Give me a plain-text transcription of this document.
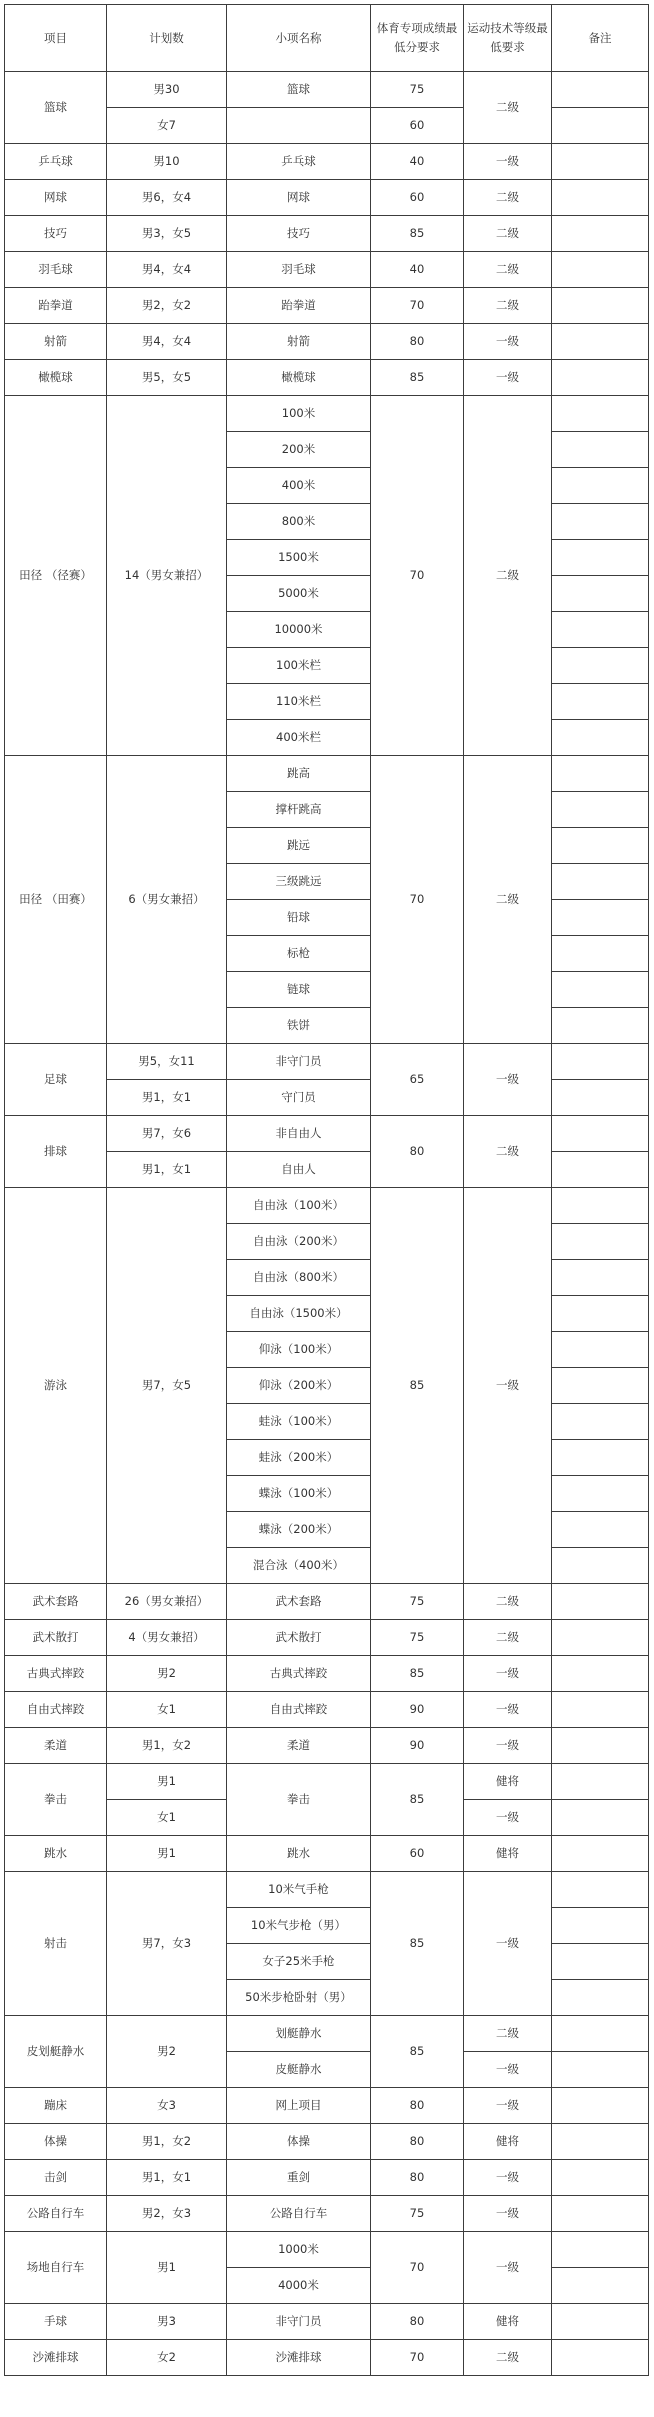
项目	计划数	小项名称	体育专项成绩最低分要求	运动技术等级最低要求	备注
篮球	男30	篮球	75	二级	
	女7		60		
乒乓球	男10	乒乓球	40	一级	
网球	男6，女4	网球	60	二级	
技巧	男3，女5	技巧	85	二级	
羽毛球	男4，女4	羽毛球	40	二级	
跆拳道	男2，女2	跆拳道	70	二级	
射箭	男4，女4	射箭	80	一级	
橄榄球	男5，女5	橄榄球	85	一级	
田径 （径赛）	14（男女兼招）	100米	70	二级	
		200米			
		400米			
		800米			
		1500米			
		5000米			
		10000米			
		100米栏			
		110米栏			
		400米栏			
田径 （田赛）	6（男女兼招）	跳高	70	二级	
		撑杆跳高			
		跳远			
		三级跳远			
		铅球			
		标枪			
		链球			
		铁饼			
足球	男5，女11	非守门员	65	一级	
	男1，女1	守门员			
排球	男7，女6	非自由人	80	二级	
	男1，女1	自由人			
游泳	男7，女5	自由泳（100米）	85	一级	
		自由泳（200米）			
		自由泳（800米）			
		自由泳（1500米）			
		仰泳（100米）			
		仰泳（200米）			
		蛙泳（100米）			
		蛙泳（200米）			
		蝶泳（100米）			
		蝶泳（200米）			
		混合泳（400米）			
武术套路	26（男女兼招）	武术套路	75	二级	
武术散打	4（男女兼招）	武术散打	75	二级	
古典式摔跤	男2	古典式摔跤	85	一级	
自由式摔跤	女1	自由式摔跤	90	一级	
柔道	男1，女2	柔道	90	一级	
拳击	男1	拳击	85	健将	
	女1			一级	
跳水	男1	跳水	60	健将	
射击	男7，女3	10米气手枪	85	一级	
		10米气步枪（男）			
		女子25米手枪			
		50米步枪卧射（男）			
皮划艇静水	男2	划艇静水	85	二级	
		皮艇静水		一级	
蹦床	女3	网上项目	80	一级	
体操	男1，女2	体操	80	健将	
击剑	男1，女1	重剑	80	一级	
公路自行车	男2，女3	公路自行车	75	一级	
场地自行车	男1	1000米	70	一级	
		4000米			
手球	男3	非守门员	80	健将	
沙滩排球	女2	沙滩排球	70	二级	
